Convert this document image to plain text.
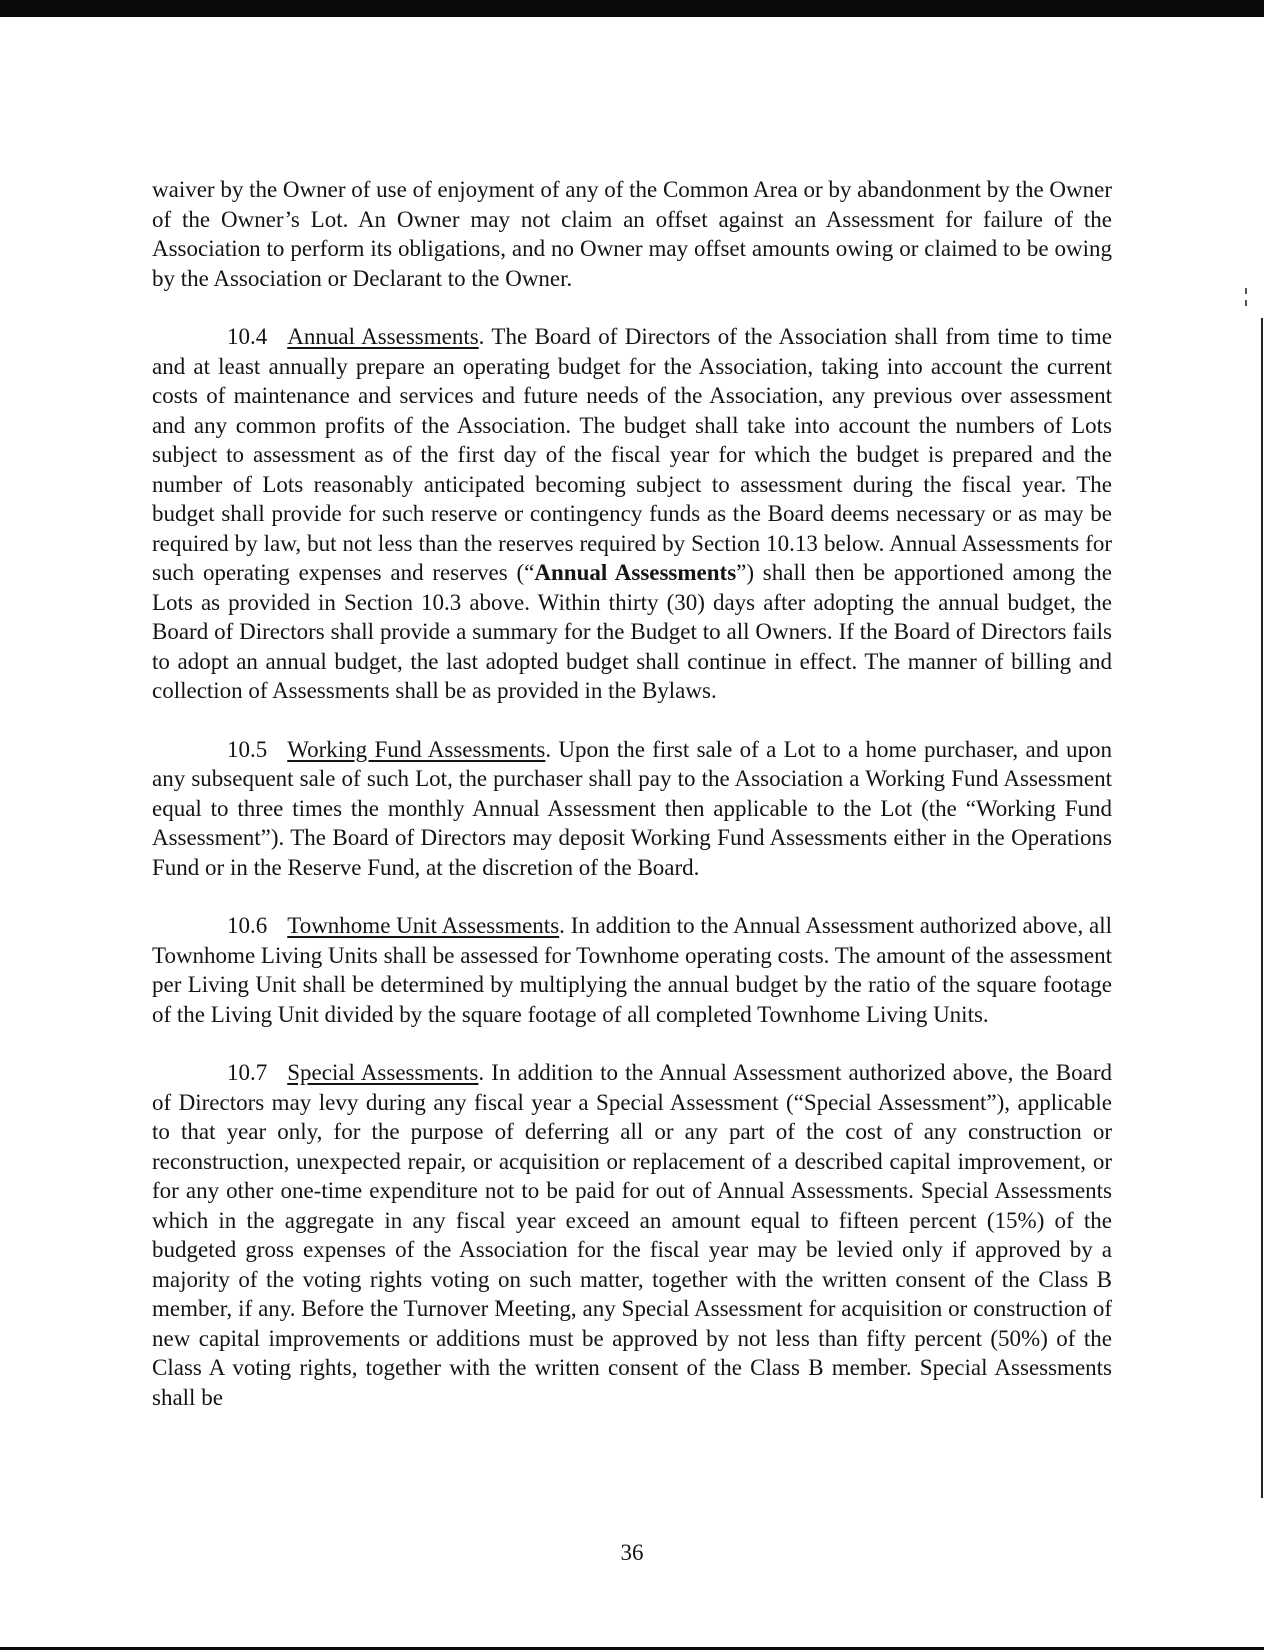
waiver by the Owner of use of enjoyment of any of the Common Area or by abandonment by the Owner of the Owner’s Lot. An Owner may not claim an offset against an Assessment for failure of the Association to perform its obligations, and no Owner may offset amounts owing or claimed to be owing by the Association or Declarant to the Owner.

10.4 Annual Assessments. The Board of Directors of the Association shall from time to time and at least annually prepare an operating budget for the Association, taking into account the current costs of maintenance and services and future needs of the Association, any previous over assessment and any common profits of the Association. The budget shall take into account the numbers of Lots subject to assessment as of the first day of the fiscal year for which the budget is prepared and the number of Lots reasonably anticipated becoming subject to assessment during the fiscal year. The budget shall provide for such reserve or contingency funds as the Board deems necessary or as may be required by law, but not less than the reserves required by Section 10.13 below. Annual Assessments for such operating expenses and reserves (“Annual Assessments”) shall then be apportioned among the Lots as provided in Section 10.3 above. Within thirty (30) days after adopting the annual budget, the Board of Directors shall provide a summary for the Budget to all Owners. If the Board of Directors fails to adopt an annual budget, the last adopted budget shall continue in effect. The manner of billing and collection of Assessments shall be as provided in the Bylaws.

10.5 Working Fund Assessments. Upon the first sale of a Lot to a home purchaser, and upon any subsequent sale of such Lot, the purchaser shall pay to the Association a Working Fund Assessment equal to three times the monthly Annual Assessment then applicable to the Lot (the “Working Fund Assessment”). The Board of Directors may deposit Working Fund Assessments either in the Operations Fund or in the Reserve Fund, at the discretion of the Board.

10.6 Townhome Unit Assessments. In addition to the Annual Assessment authorized above, all Townhome Living Units shall be assessed for Townhome operating costs. The amount of the assessment per Living Unit shall be determined by multiplying the annual budget by the ratio of the square footage of the Living Unit divided by the square footage of all completed Townhome Living Units.

10.7 Special Assessments. In addition to the Annual Assessment authorized above, the Board of Directors may levy during any fiscal year a Special Assessment (“Special Assessment”), applicable to that year only, for the purpose of deferring all or any part of the cost of any construction or reconstruction, unexpected repair, or acquisition or replacement of a described capital improvement, or for any other one-time expenditure not to be paid for out of Annual Assessments. Special Assessments which in the aggregate in any fiscal year exceed an amount equal to fifteen percent (15%) of the budgeted gross expenses of the Association for the fiscal year may be levied only if approved by a majority of the voting rights voting on such matter, together with the written consent of the Class B member, if any. Before the Turnover Meeting, any Special Assessment for acquisition or construction of new capital improvements or additions must be approved by not less than fifty percent (50%) of the Class A voting rights, together with the written consent of the Class B member. Special Assessments shall be

36
